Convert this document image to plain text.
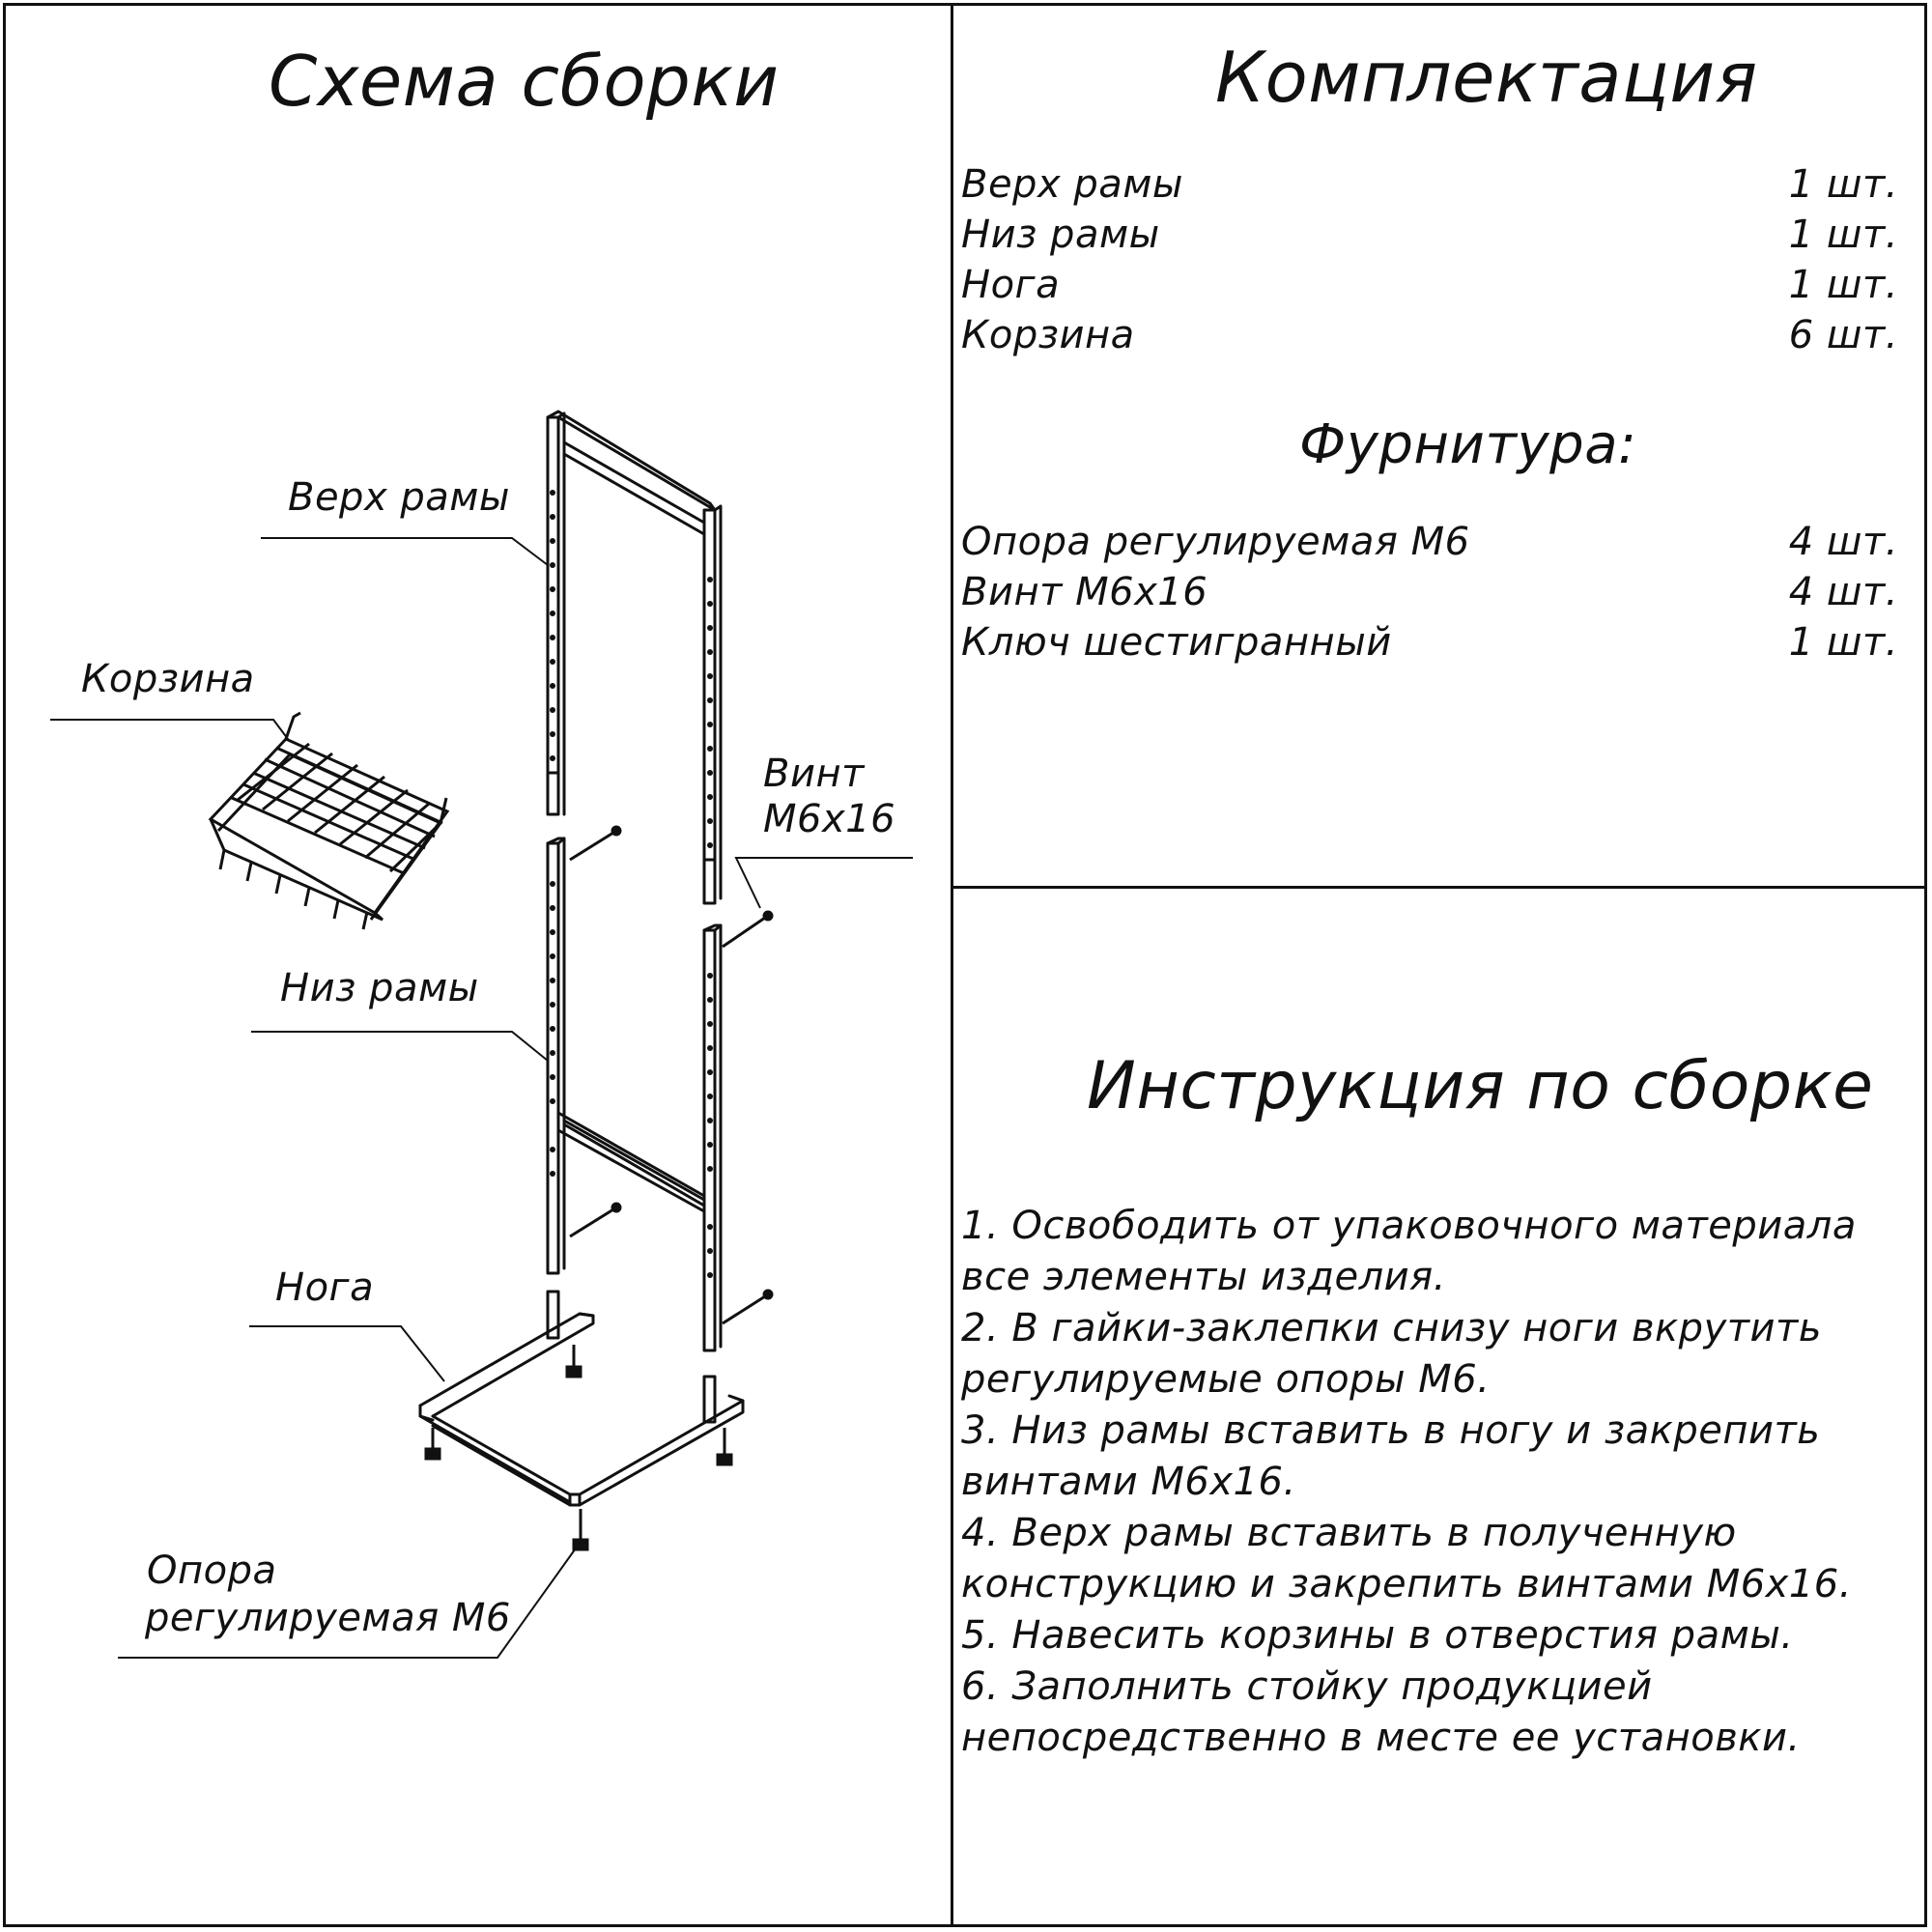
Схема сборки
Верх рамы
Корзина
Винт
М6х16
Низ рамы
Нога
Опора
регулируемая М6
Комплектация
Верх рамы	1 шт.
Низ рамы	1 шт.
Нога	1 шт.
Корзина	6 шт.
Фурнитура:
Опора регулируемая М6	4 шт.
Винт М6х16	4 шт.
Ключ шестигранный	1 шт.
Инструкция по сборке

1. Освободить от упаковочного материала все элементы изделия.

2. В гайки-заклепки снизу ноги вкрутить регулируемые опоры М6.

3. Низ рамы вставить в ногу и закрепить винтами М6х16.

4. Верх рамы вставить в полученную конструкцию и закрепить винтами М6х16.

5. Навесить корзины в отверстия рамы.

6. Заполнить стойку продукцией непосредственно в месте ее установки.
